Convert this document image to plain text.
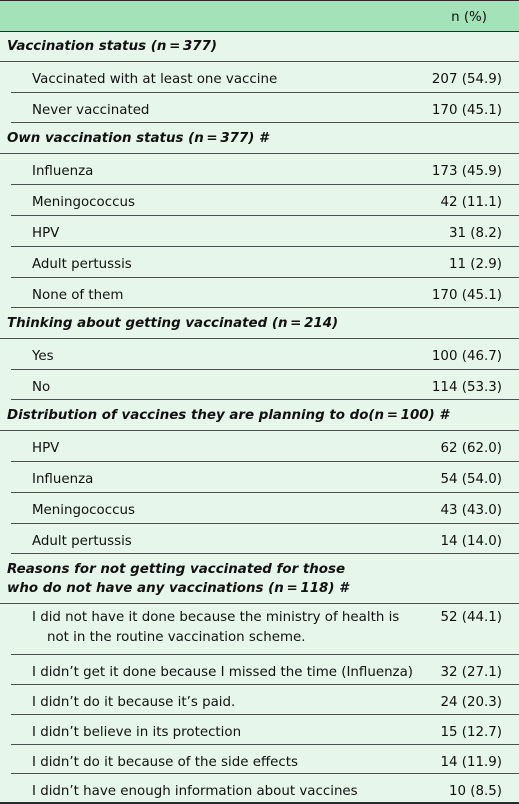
n (%)
Vaccination status (n = 377)
Vaccinated with at least one vaccine	207 (54.9)
Never vaccinated	170 (45.1)
Own vaccination status (n = 377) #
Influenza	173 (45.9)
Meningococcus	42 (11.1)
HPV	31 (8.2)
Adult pertussis	11 (2.9)
None of them	170 (45.1)
Thinking about getting vaccinated (n = 214)
Yes	100 (46.7)
No	114 (53.3)
Distribution of vaccines they are planning to do(n = 100) #
HPV	62 (62.0)
Influenza	54 (54.0)
Meningococcus	43 (43.0)
Adult pertussis	14 (14.0)
Reasons for not getting vaccinated for those
who do not have any vaccinations (n = 118) #
I did not have it done because the ministry of health is
not in the routine vaccination scheme.
52 (44.1)
I didn’t get it done because I missed the time (Influenza) 32 (27.1)
I didn’t do it because it’s paid.	24 (20.3)
I didn’t believe in its protection	15 (12.7)
I didn’t do it because of the side effects	14 (11.9)
I didn’t have enough information about vaccines	10 (8.5)
